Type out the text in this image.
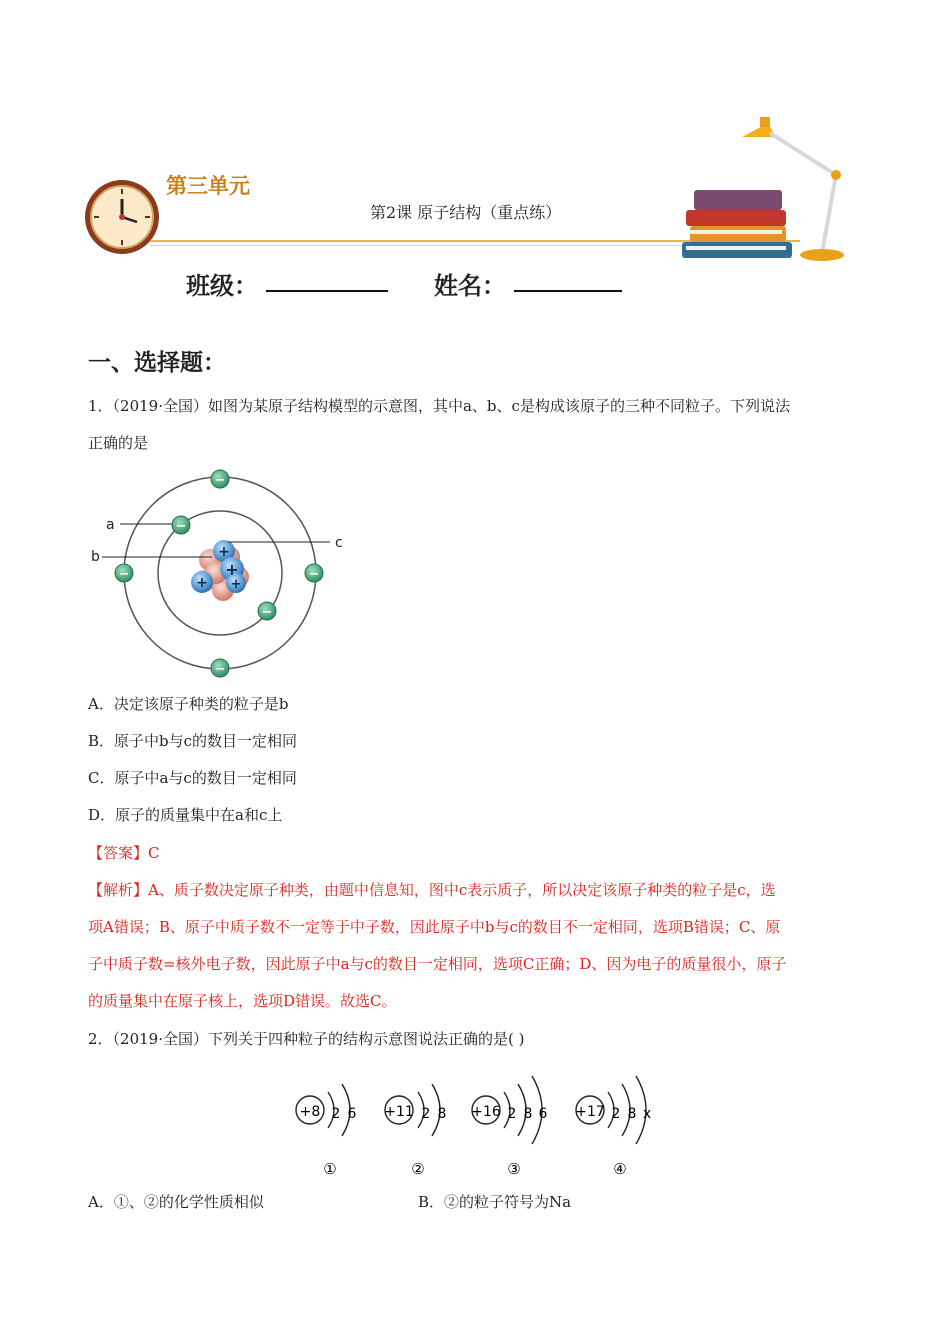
第三单元
第2课 原子结构（重点练）
班级：	姓名：
一、选择题：
1．（2019·全国）如图为某原子结构模型的示意图，其中a、b、c是构成该原子的三种不同粒子。下列说法
正确的是
+
+
+
+
a
b
c
−
−
−	−
−
−
A．决定该原子种类的粒子是b
B．原子中b与c的数目一定相同
C．原子中a与c的数目一定相同
D．原子的质量集中在a和c上
【答案】C
【解析】A、质子数决定原子种类，由题中信息知，图中c表示质子，所以决定该原子种类的粒子是c，选
项A错误；B、原子中质子数不一定等于中子数，因此原子中b与c的数目不一定相同，选项B错误；C、原
子中质子数=核外电子数，因此原子中a与c的数目一定相同，选项C正确；D、因为电子的质量很小，原子
的质量集中在原子核上，选项D错误。故选C。
2．（2019·全国）下列关于四种粒子的结构示意图说法正确的是( )
+8 2 6
①
+11 2 8
②
+16 2 8 6
③
+17 2 8 x
④
A．①、②的化学性质相似	B．②的粒子符号为Na
